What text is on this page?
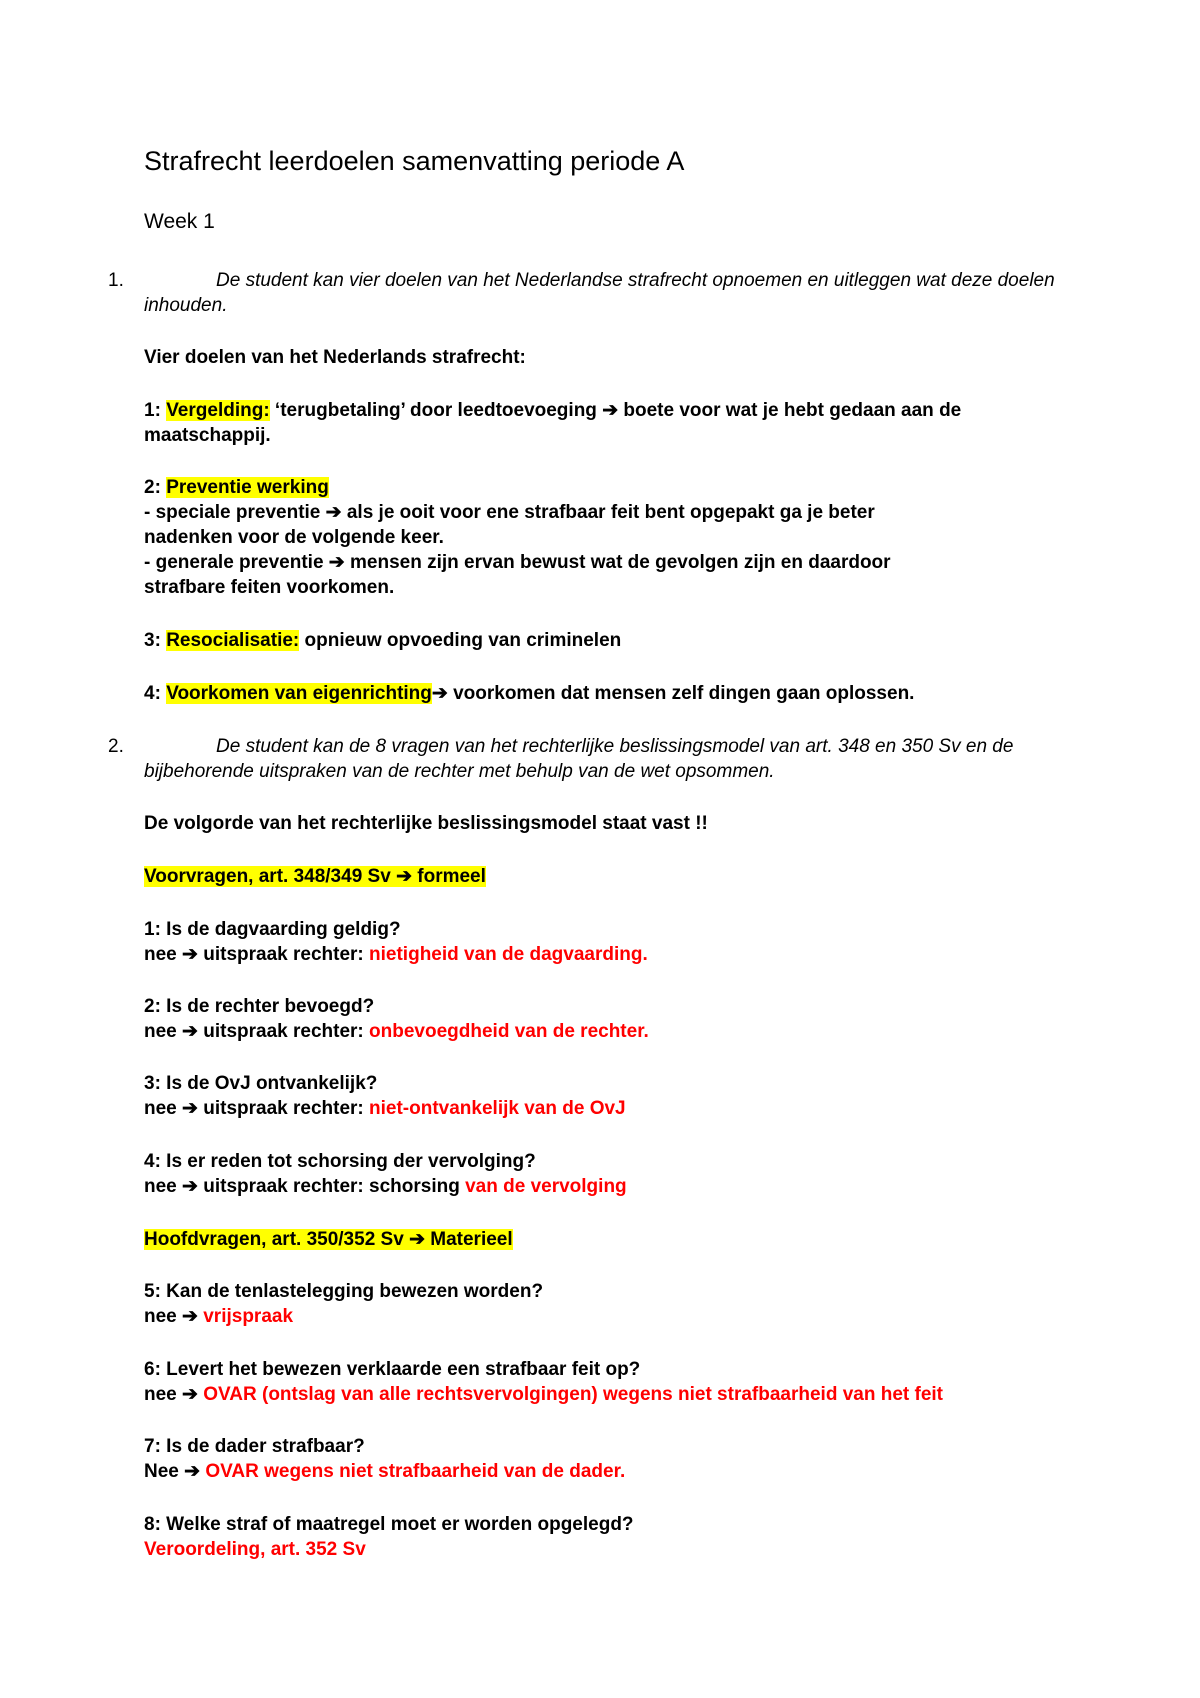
Strafrecht leerdoelen samenvatting periode A
Week 1
1.	De student kan vier doelen van het Nederlandse strafrecht opnoemen en uitleggen wat deze doelen inhouden.
Vier doelen van het Nederlands strafrecht:
1: Vergelding: ‘terugbetaling’ door leedtoevoeging ➔ boete voor wat je hebt gedaan aan de
maatschappij.
2: Preventie werking
- speciale preventie ➔ als je ooit voor ene strafbaar feit bent opgepakt ga je beter
nadenken voor de volgende keer.
- generale preventie ➔ mensen zijn ervan bewust wat de gevolgen zijn en daardoor
strafbare feiten voorkomen.
3: Resocialisatie: opnieuw opvoeding van criminelen
4: Voorkomen van eigenrichting➔ voorkomen dat mensen zelf dingen gaan oplossen.
2.	De student kan de 8 vragen van het rechterlijke beslissingsmodel van art. 348 en 350 Sv en de bijbehorende uitspraken van de rechter met behulp van de wet opsommen.
De volgorde van het rechterlijke beslissingsmodel staat vast !!
Voorvragen, art. 348/349 Sv ➔ formeel
1: Is de dagvaarding geldig?
nee ➔ uitspraak rechter: nietigheid van de dagvaarding.
2: Is de rechter bevoegd?
nee ➔ uitspraak rechter: onbevoegdheid van de rechter.
3: Is de OvJ ontvankelijk?
nee ➔ uitspraak rechter: niet-ontvankelijk van de OvJ
4: Is er reden tot schorsing der vervolging?
nee ➔ uitspraak rechter: schorsing van de vervolging
Hoofdvragen, art. 350/352 Sv ➔ Materieel
5: Kan de tenlastelegging bewezen worden?
nee ➔ vrijspraak
6: Levert het bewezen verklaarde een strafbaar feit op?
nee ➔ OVAR (ontslag van alle rechtsvervolgingen) wegens niet strafbaarheid van het feit
7: Is de dader strafbaar?
Nee ➔ OVAR wegens niet strafbaarheid van de dader.
8: Welke straf of maatregel moet er worden opgelegd?
Veroordeling, art. 352 Sv
